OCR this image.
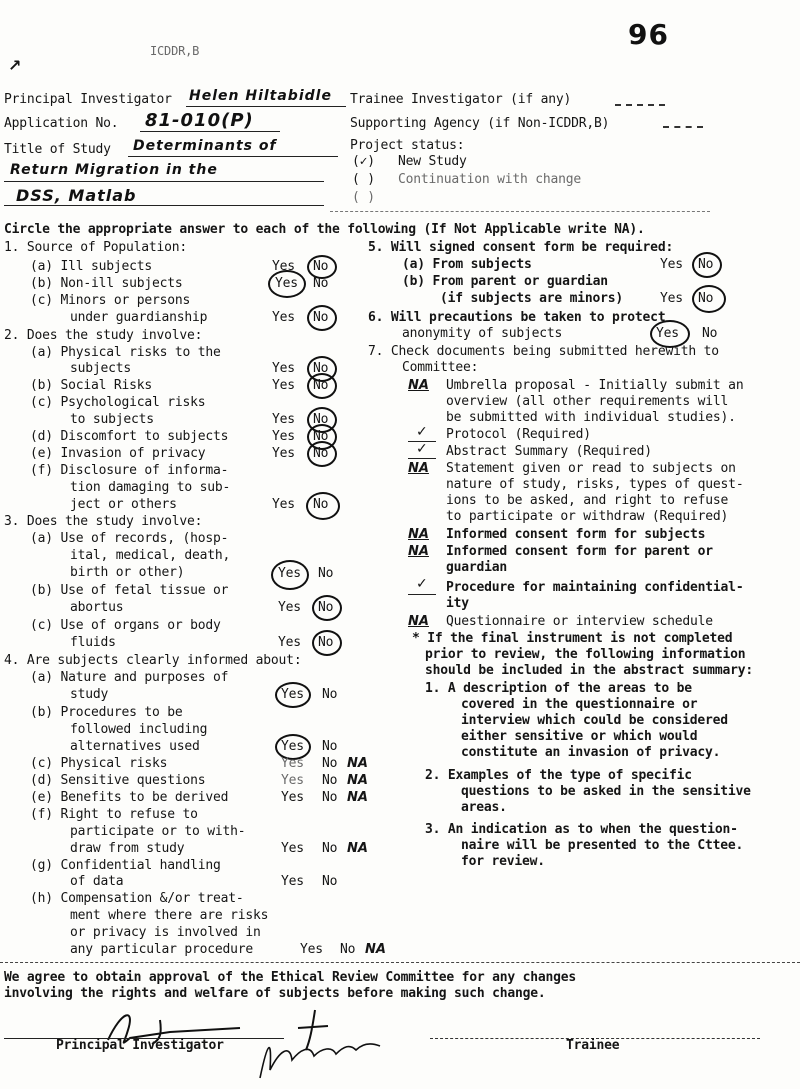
ICDDR,B	96
↗
Principal Investigator Helen Hiltabidle Trainee Investigator (if any)
Application No. 81-010(P)	Supporting Agency (if Non-ICDDR,B)
Title of Study Determinants of
Return Migration in the
DSS, Matlab
Project status:
(✓) New Study
( ) Continuation with change
( )
Circle the appropriate answer to each of the following (If Not Applicable write NA).
1. Source of Population:
(a) Ill subjects	Yes No
(b) Non-ill subjects	Yes No
(c) Minors or persons
under guardianship	Yes No
2. Does the study involve:
(a) Physical risks to the
subjects	Yes No
(b) Social Risks	Yes No
(c) Psychological risks
to subjects	Yes No
(d) Discomfort to subjects	Yes No
(e) Invasion of privacy	Yes No
(f) Disclosure of informa-
tion damaging to sub-
ject or others	Yes No
3. Does the study involve:
(a) Use of records, (hosp-
ital, medical, death,
birth or other)	Yes No
(b) Use of fetal tissue or
abortus	Yes No
(c) Use of organs or body
fluids	Yes No
4. Are subjects clearly informed about:
(a) Nature and purposes of
study	Yes No
(b) Procedures to be
followed including
alternatives used	Yes No
(c) Physical risks	Yes No NA
(d) Sensitive questions	Yes No NA
(e) Benefits to be derived	Yes No NA
(f) Right to refuse to
participate or to with-
draw from study	Yes No NA
(g) Confidential handling
of data	Yes No
(h) Compensation &/or treat-
ment where there are risks
or privacy is involved in
any particular procedure	Yes No NA
5. Will signed consent form be required:
(a) From subjects	Yes No
(b) From parent or guardian
(if subjects are minors)	Yes No
6. Will precautions be taken to protect
anonymity of subjects	Yes No
7. Check documents being submitted herewith to
Committee:
NA Umbrella proposal - Initially submit an
overview (all other requirements will
be submitted with individual studies).
✓ Protocol (Required)
✓ Abstract Summary (Required)
NA Statement given or read to subjects on
nature of study, risks, types of quest-
ions to be asked, and right to refuse
to participate or withdraw (Required)
NA Informed consent form for subjects
NA Informed consent form for parent or
guardian
✓ Procedure for maintaining confidential-
ity
NA Questionnaire or interview schedule
* If the final instrument is not completed
prior to review, the following information
should be included in the abstract summary:
1. A description of the areas to be
covered in the questionnaire or
interview which could be considered
either sensitive or which would
constitute an invasion of privacy.
2. Examples of the type of specific
questions to be asked in the sensitive
areas.
3. An indication as to when the question-
naire will be presented to the Cttee.
for review.
We agree to obtain approval of the Ethical Review Committee for any changes
involving the rights and welfare of subjects before making such change.
Principal Investigator	Trainee
